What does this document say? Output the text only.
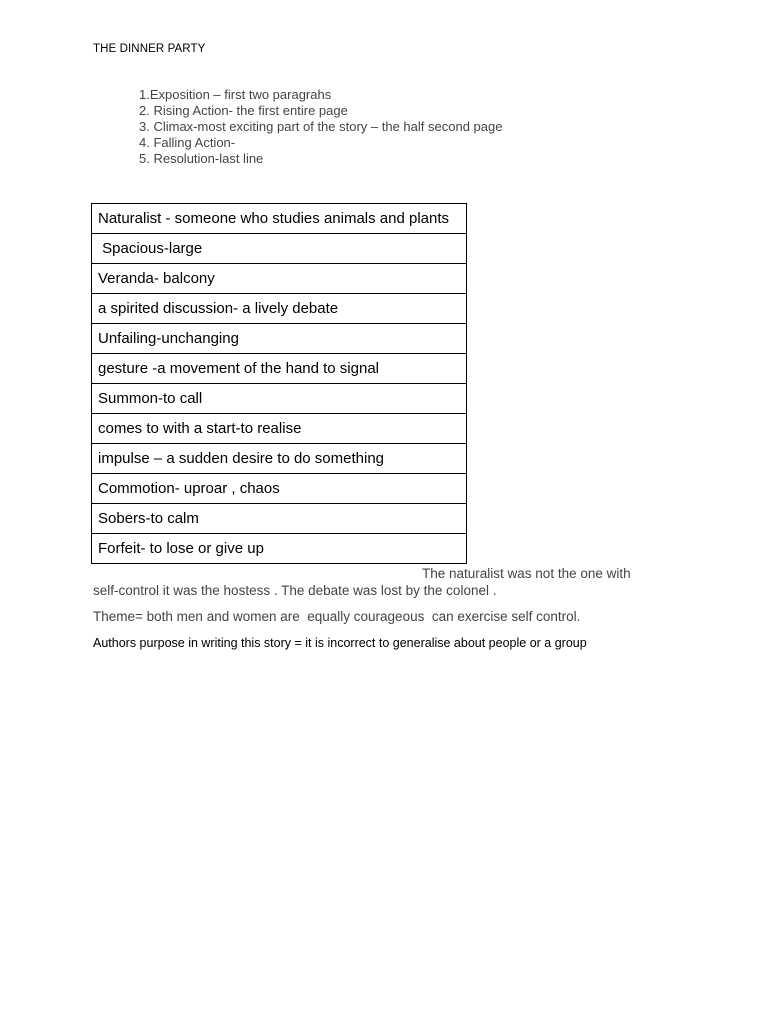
THE DINNER PARTY
1.Exposition – first two paragrahs
2. Rising Action- the first entire page
3. Climax-most exciting part of the story – the half second page
4. Falling Action-
5. Resolution-last line
Naturalist - someone who studies animals and plants
Spacious-large
Veranda- balcony
a spirited discussion- a lively debate
Unfailing-unchanging
gesture -a movement of the hand to signal
Summon-to call
comes to with a start-to realise
impulse – a sudden desire to do something
Commotion- uproar , chaos
Sobers-to calm
Forfeit- to lose or give up

The naturalist was not the one with
self-control it was the hostess . The debate was lost by the colonel .

Theme= both men and women are  equally courageous  can exercise self control.

Authors purpose in writing this story = it is incorrect to generalise about people or a group
